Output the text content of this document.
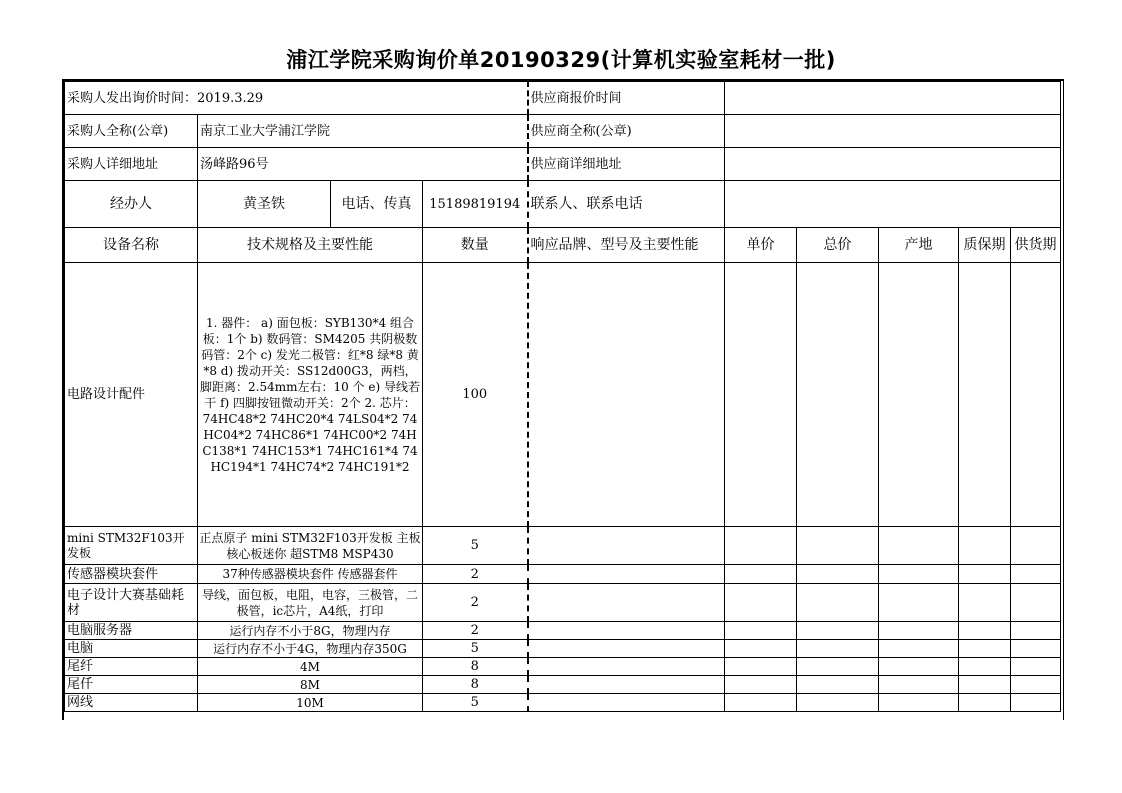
浦江学院采购询价单20190329(计算机实验室耗材一批)
采购人发出询价时间：2019.3.29				供应商报价时间					
采购人全称(公章)	南京工业大学浦江学院			供应商全称(公章)					
采购人详细地址	汤峰路96号			供应商详细地址					
经办人	黄圣铁	电话、传真	15189819194	联系人、联系电话					
设备名称	技术规格及主要性能		数量	响应品牌、型号及主要性能	单价	总价	产地	质保期	供货期
电路设计配件	1. 器件： a) 面包板：SYB130*4 组合板：1个 b) 数码管：SM4205 共阴极数码管：2个 c) 发光二极管：红*8 绿*8 黄*8 d) 拨动开关：SS12d00G3，两档，脚距离：2.54mm左右：10 个 e) 导线若干 f) 四脚按钮微动开关：2个 2. 芯片： 74HC48*2 74HC20*4 74LS04*2 74HC04*2 74HC86*1 74HC00*2 74HC138*1 74HC153*1 74HC161*4 74HC194*1 74HC74*2 74HC191*2		100						
mini STM32F103开发板	正点原子 mini STM32F103开发板 主板 核心板迷你 超STM8 MSP430		5						
传感器模块套件	37种传感器模块套件 传感器套件		2						
电子设计大赛基础耗材	导线，面包板，电阻，电容，三极管，二极管，ic芯片，A4纸，打印		2						
电脑服务器	运行内存不小于8G，物理内存		2						
电脑	运行内存不小于4G，物理内存350G		5						
尾纤	4M		8						
尾仟	8M		8						
网线	10M		5						
